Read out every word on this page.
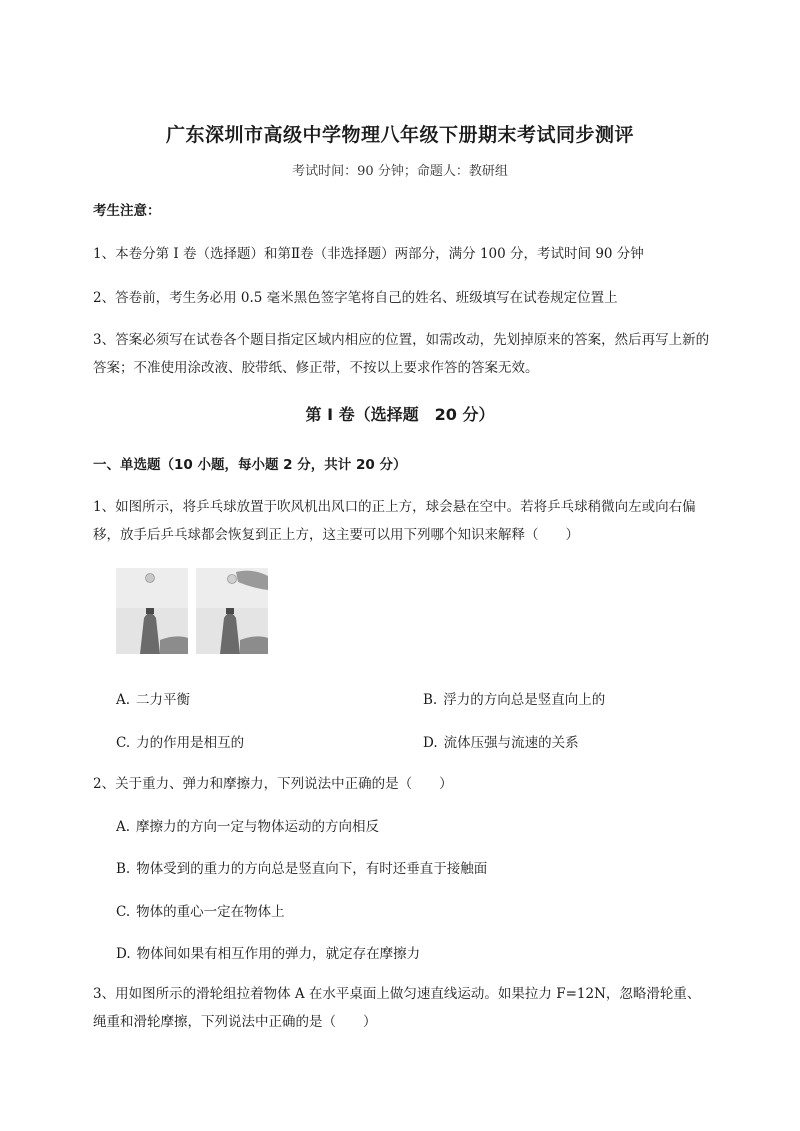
广东深圳市高级中学物理八年级下册期末考试同步测评
考试时间：90 分钟；命题人：教研组
考生注意：
1、本卷分第 I 卷（选择题）和第Ⅱ卷（非选择题）两部分，满分 100 分，考试时间 90 分钟
2、答卷前，考生务必用 0.5 毫米黑色签字笔将自己的姓名、班级填写在试卷规定位置上
3、答案必须写在试卷各个题目指定区域内相应的位置，如需改动，先划掉原来的答案，然后再写上新的答案；不准使用涂改液、胶带纸、修正带，不按以上要求作答的答案无效。
第 I 卷（选择题　20 分）
一、单选题（10 小题，每小题 2 分，共计 20 分）
1、如图所示，将乒乓球放置于吹风机出风口的正上方，球会悬在空中。若将乒乓球稍微向左或向右偏移，放手后乒乓球都会恢复到正上方，这主要可以用下列哪个知识来解释（　　）
A. 二力平衡	B. 浮力的方向总是竖直向上的
C. 力的作用是相互的	D. 流体压强与流速的关系
2、关于重力、弹力和摩擦力，下列说法中正确的是（　　）
A. 摩擦力的方向一定与物体运动的方向相反
B. 物体受到的重力的方向总是竖直向下，有时还垂直于接触面
C. 物体的重心一定在物体上
D. 物体间如果有相互作用的弹力，就定存在摩擦力
3、用如图所示的滑轮组拉着物体 A 在水平桌面上做匀速直线运动。如果拉力 F=12N，忽略滑轮重、绳重和滑轮摩擦，下列说法中正确的是（　　）
